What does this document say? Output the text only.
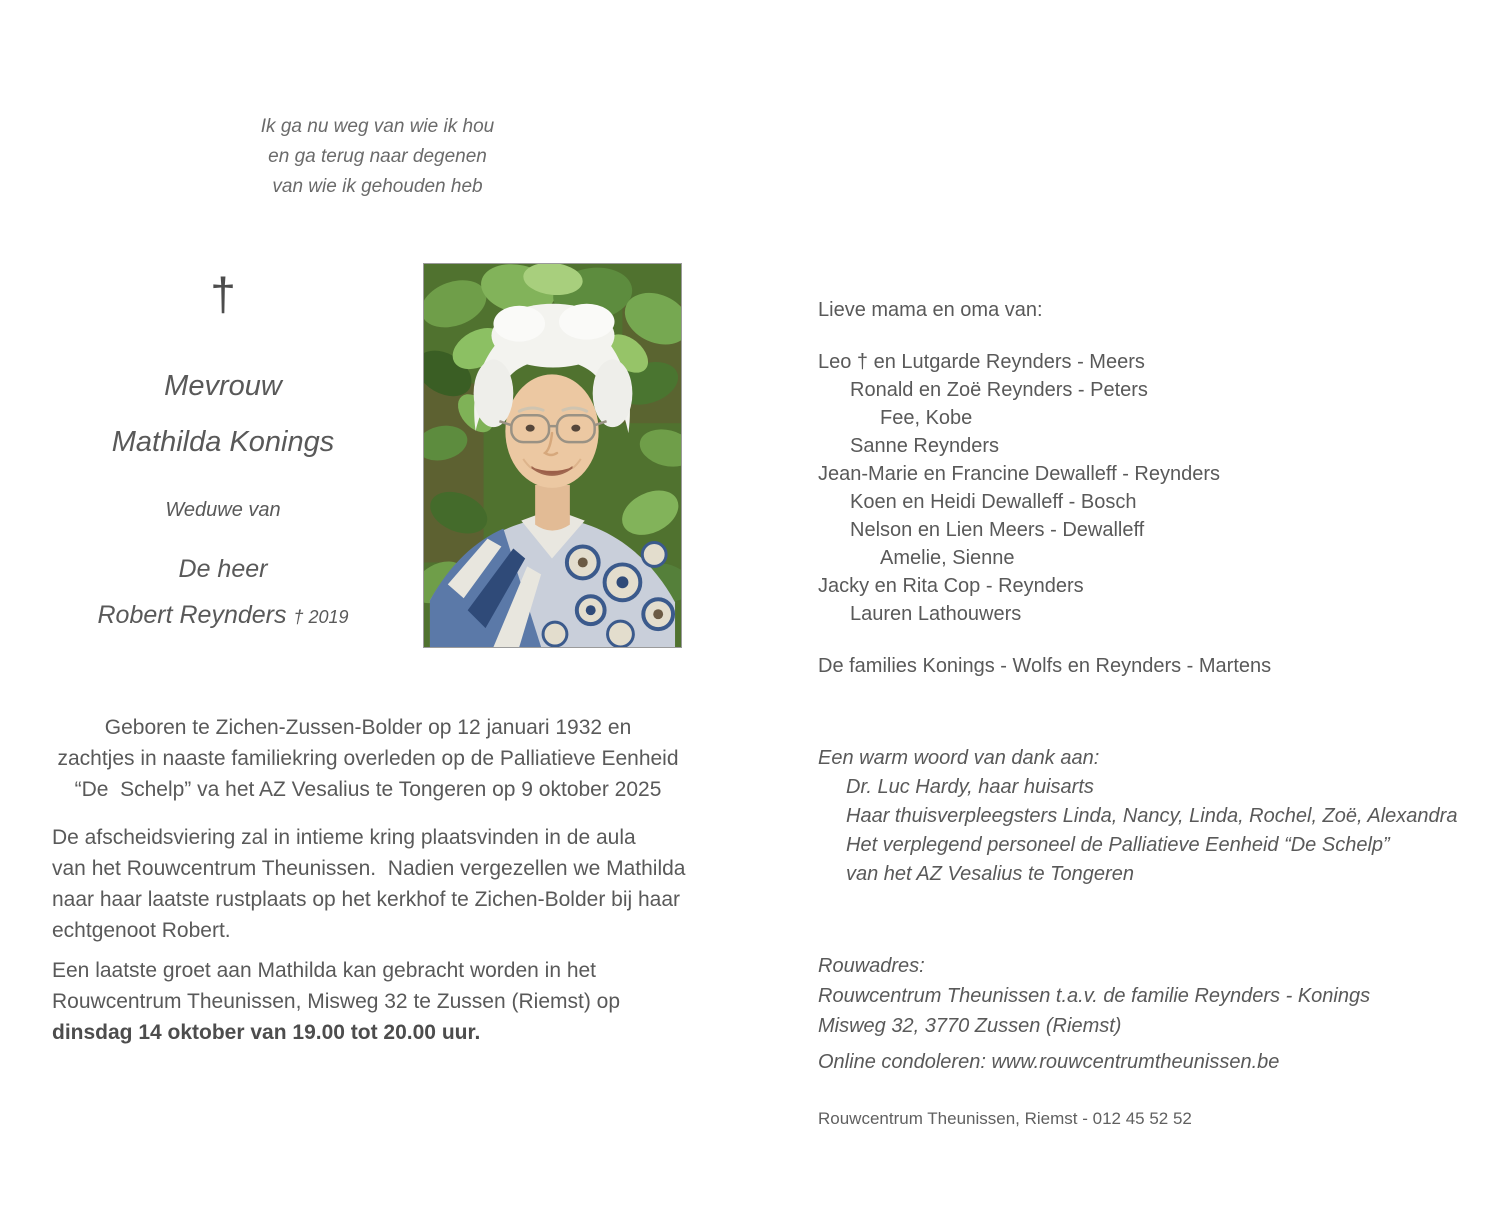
Ik ga nu weg van wie ik hou
en ga terug naar degenen
van wie ik gehouden heb
†
Mevrouw
Mathilda Konings
Weduwe van
De heer
Robert Reynders † 2019
Geboren te Zichen-Zussen-Bolder op 12 januari 1932 en
zachtjes in naaste familiekring overleden op de Palliatieve Eenheid
“De  Schelp” va het AZ Vesalius te Tongeren op 9 oktober 2025
De afscheidsviering zal in intieme kring plaatsvinden in de aula
van het Rouwcentrum Theunissen.  Nadien vergezellen we Mathilda
naar haar laatste rustplaats op het kerkhof te Zichen-Bolder bij haar
echtgenoot Robert.
Een laatste groet aan Mathilda kan gebracht worden in het
Rouwcentrum Theunissen, Misweg 32 te Zussen (Riemst) op
dinsdag 14 oktober van 19.00 tot 20.00 uur.
Lieve mama en oma van:
Leo † en Lutgarde Reynders - Meers
Ronald en Zoë Reynders - Peters
Fee, Kobe
Sanne Reynders
Jean-Marie en Francine Dewalleff - Reynders
Koen en Heidi Dewalleff - Bosch
Nelson en Lien Meers - Dewalleff
Amelie, Sienne
Jacky en Rita Cop - Reynders
Lauren Lathouwers
De families Konings - Wolfs en Reynders - Martens
Een warm woord van dank aan:
Dr. Luc Hardy, haar huisarts
Haar thuisverpleegsters Linda, Nancy, Linda, Rochel, Zoë, Alexandra
Het verplegend personeel de Palliatieve Eenheid “De Schelp”
van het AZ Vesalius te Tongeren
Rouwadres:
Rouwcentrum Theunissen t.a.v. de familie Reynders - Konings
Misweg 32, 3770 Zussen (Riemst)
Online condoleren: www.rouwcentrumtheunissen.be
Rouwcentrum Theunissen, Riemst - 012 45 52 52
